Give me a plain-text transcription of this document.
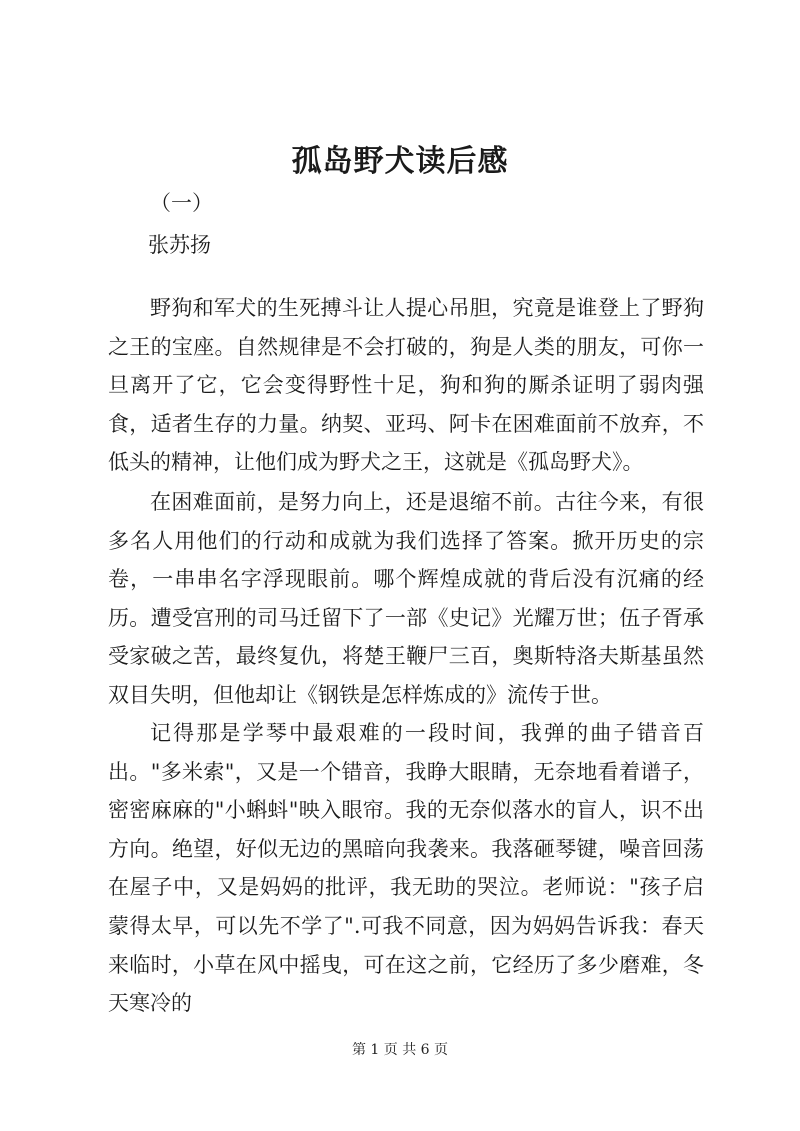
孤岛野犬读后感
（一）
张苏扬

野狗和军犬的生死搏斗让人提心吊胆，究竟是谁登上了野狗之王的宝座。自然规律是不会打破的，狗是人类的朋友，可你一旦离开了它，它会变得野性十足，狗和狗的厮杀证明了弱肉强食，适者生存的力量。纳契、亚玛、阿卡在困难面前不放弃，不低头的精神，让他们成为野犬之王，这就是《孤岛野犬》。

在困难面前，是努力向上，还是退缩不前。古往今来，有很多名人用他们的行动和成就为我们选择了答案。掀开历史的宗卷，一串串名字浮现眼前。哪个辉煌成就的背后没有沉痛的经历。遭受宫刑的司马迁留下了一部《史记》光耀万世；伍子胥承受家破之苦，最终复仇，将楚王鞭尸三百，奥斯特洛夫斯基虽然双目失明，但他却让《钢铁是怎样炼成的》流传于世。

记得那是学琴中最艰难的一段时间，我弹的曲子错音百出。"多米索"，又是一个错音，我睁大眼睛，无奈地看着谱子，密密麻麻的"小蝌蚪"映入眼帘。我的无奈似落水的盲人，识不出方向。绝望，好似无边的黑暗向我袭来。我落砸琴键，噪音回荡在屋子中，又是妈妈的批评，我无助的哭泣。老师说："孩子启蒙得太早，可以先不学了".可我不同意，因为妈妈告诉我：春天来临时，小草在风中摇曳，可在这之前，它经历了多少磨难，冬天寒冷的

第 1 页 共 6 页
